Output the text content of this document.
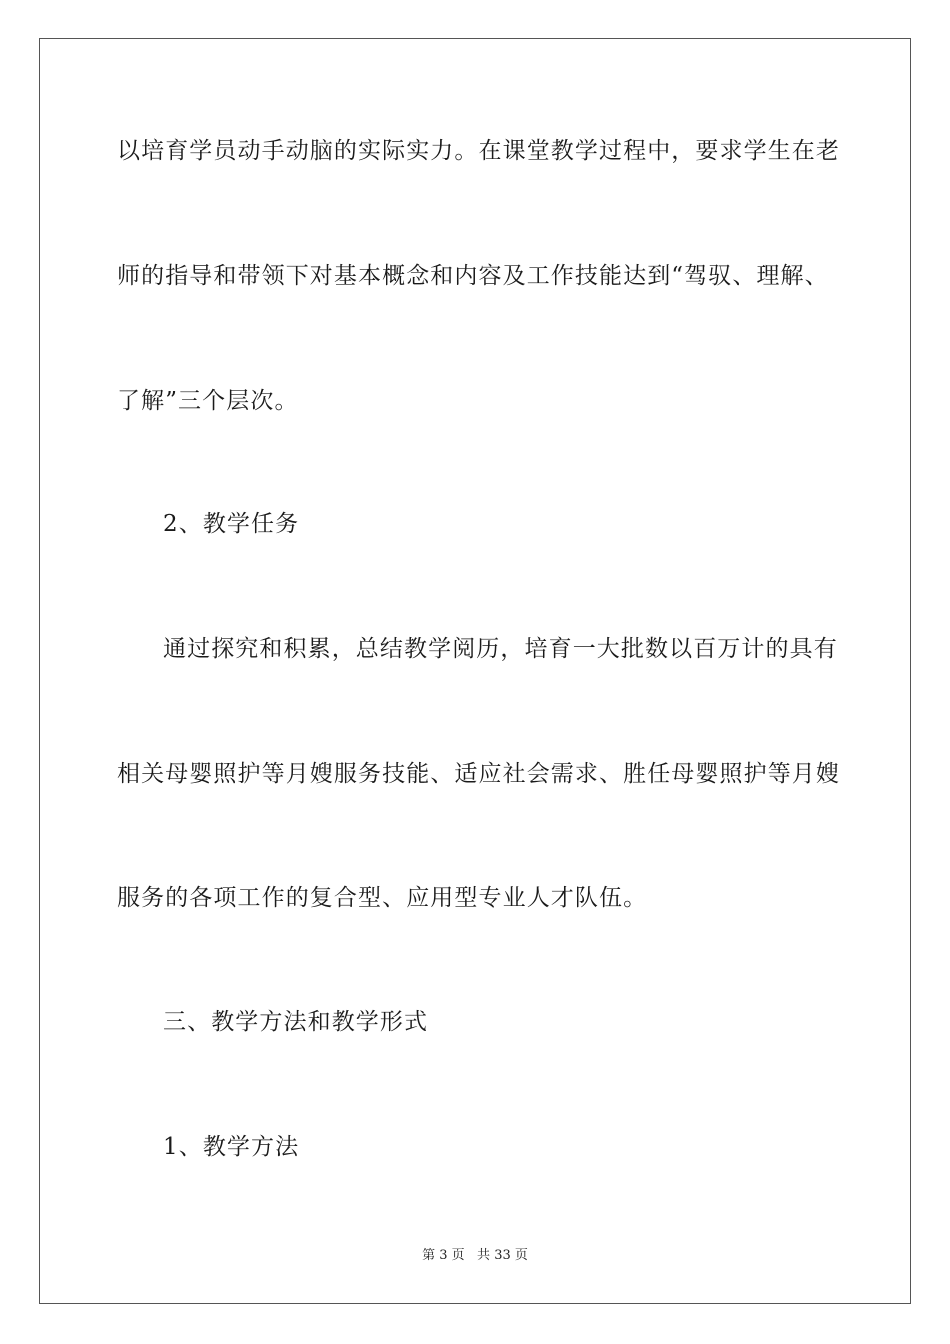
以培育学员动手动脑的实际实力。在课堂教学过程中，要求学生在老
师的指导和带领下对基本概念和内容及工作技能达到“驾驭、理解、
了解”三个层次。
2、教学任务
通过探究和积累，总结教学阅历，培育一大批数以百万计的具有
相关母婴照护等月嫂服务技能、适应社会需求、胜任母婴照护等月嫂
服务的各项工作的复合型、应用型专业人才队伍。
三、教学方法和教学形式
1、教学方法
第 3 页   共 33 页
